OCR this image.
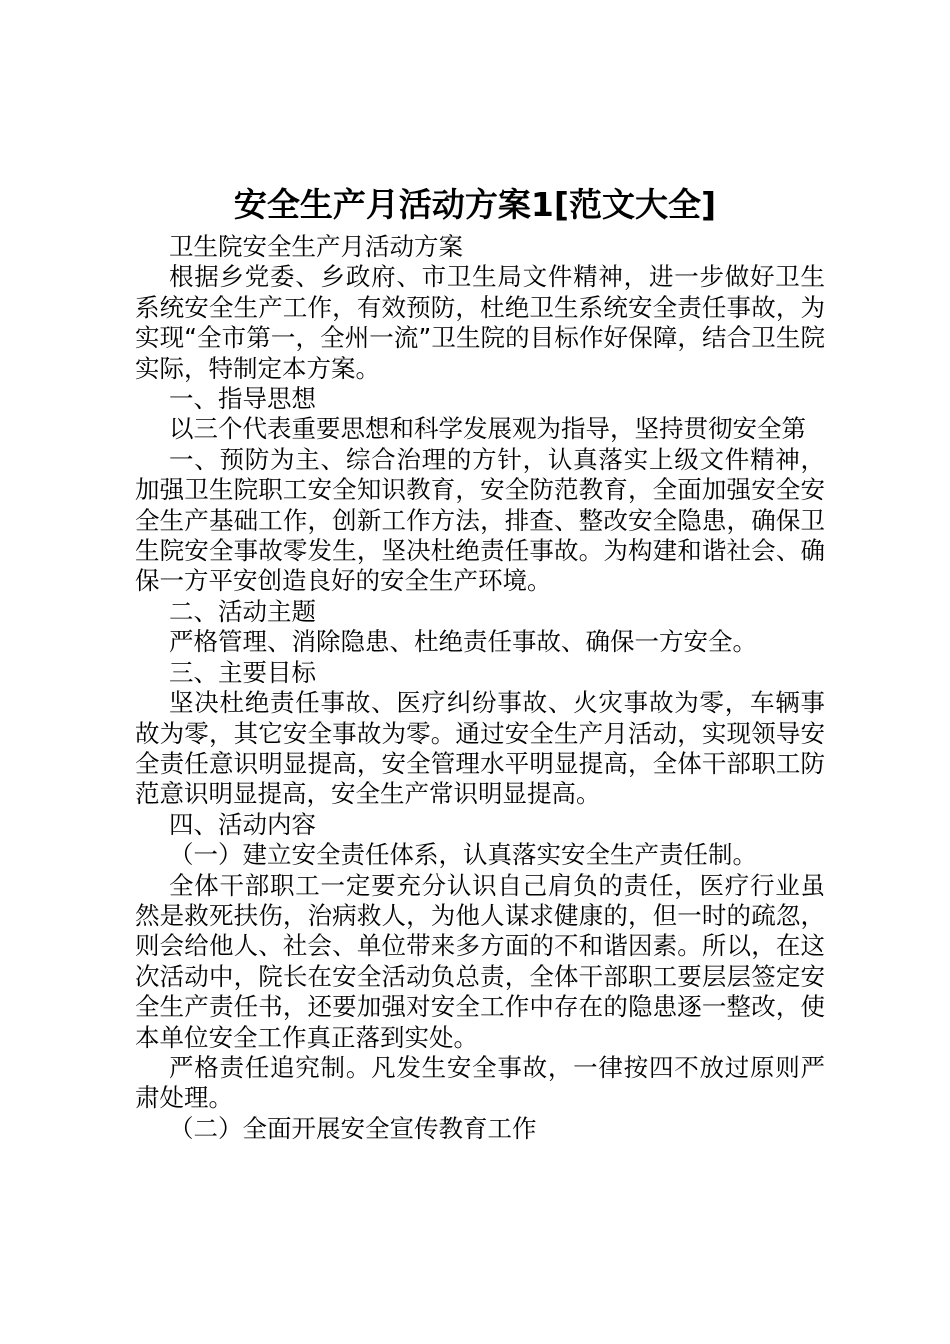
安全生产月活动方案1[范文大全]

卫生院安全生产月活动方案

根据乡党委、乡政府、市卫生局文件精神，进一步做好卫生系统安全生产工作，有效预防，杜绝卫生系统安全责任事故，为实现“全市第一，全州一流”卫生院的目标作好保障，结合卫生院实际，特制定本方案。

一、指导思想

以三个代表重要思想和科学发展观为指导，坚持贯彻安全第

一、预防为主、综合治理的方针，认真落实上级文件精神，加强卫生院职工安全知识教育，安全防范教育，全面加强安全安全生产基础工作，创新工作方法，排查、整改安全隐患，确保卫生院安全事故零发生，坚决杜绝责任事故。为构建和谐社会、确保一方平安创造良好的安全生产环境。

二、活动主题

严格管理、消除隐患、杜绝责任事故、确保一方安全。

三、主要目标

坚决杜绝责任事故、医疗纠纷事故、火灾事故为零，车辆事故为零，其它安全事故为零。通过安全生产月活动，实现领导安全责任意识明显提高，安全管理水平明显提高，全体干部职工防范意识明显提高，安全生产常识明显提高。

四、活动内容

（一）建立安全责任体系，认真落实安全生产责任制。

全体干部职工一定要充分认识自己肩负的责任，医疗行业虽然是救死扶伤，治病救人，为他人谋求健康的，但一时的疏忽，则会给他人、社会、单位带来多方面的不和谐因素。所以，在这次活动中，院长在安全活动负总责，全体干部职工要层层签定安全生产责任书，还要加强对安全工作中存在的隐患逐一整改，使本单位安全工作真正落到实处。

严格责任追究制。凡发生安全事故，一律按四不放过原则严肃处理。

（二）全面开展安全宣传教育工作
